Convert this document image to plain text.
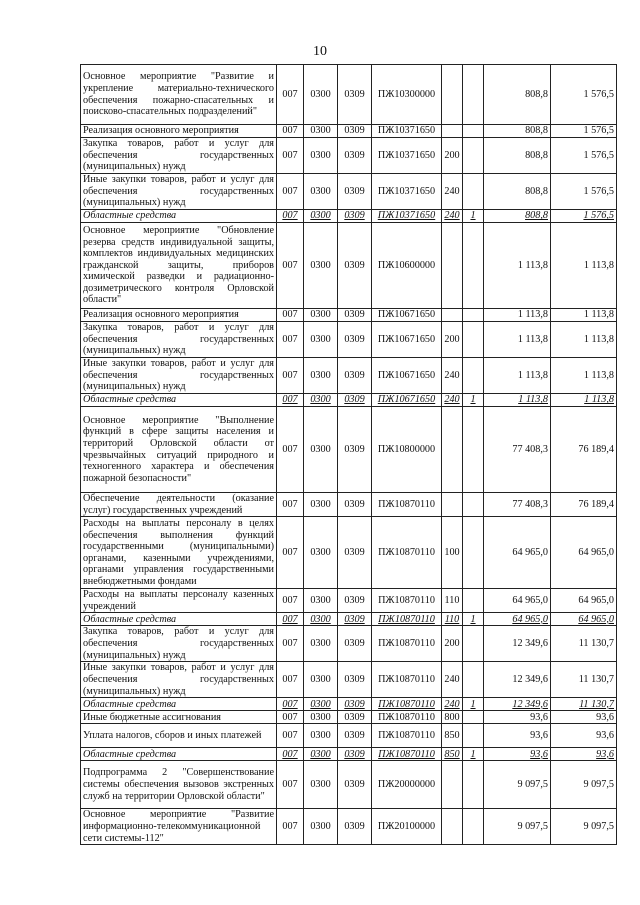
10
Основное мероприятие "Развитие и укрепление материально-технического обеспечения пожарно-спасательных и поисково-спасательных подразделений"	007	0300	0309	ПЖ10300000			808,8	1 576,5
Реализация основного мероприятия	007	0300	0309	ПЖ10371650			808,8	1 576,5
Закупка товаров, работ и услуг для обеспечения государственных (муниципальных) нужд	007	0300	0309	ПЖ10371650	200		808,8	1 576,5
Иные закупки товаров, работ и услуг для обеспечения государственных (муниципальных) нужд	007	0300	0309	ПЖ10371650	240		808,8	1 576,5
Областные средства	007	0300	0309	ПЖ10371650	240	1	808,8	1 576,5
Основное мероприятие "Обновление резерва средств индивидуальной защиты, комплектов индивидуальных медицинских гражданской защиты, приборов химической разведки и радиационно-дозиметрического контроля Орловской области"	007	0300	0309	ПЖ10600000			1 113,8	1 113,8
Реализация основного мероприятия	007	0300	0309	ПЖ10671650			1 113,8	1 113,8
Закупка товаров, работ и услуг для обеспечения государственных (муниципальных) нужд	007	0300	0309	ПЖ10671650	200		1 113,8	1 113,8
Иные закупки товаров, работ и услуг для обеспечения государственных (муниципальных) нужд	007	0300	0309	ПЖ10671650	240		1 113,8	1 113,8
Областные средства	007	0300	0309	ПЖ10671650	240	1	1 113,8	1 113,8
Основное мероприятие "Выполнение функций в сфере защиты населения и территорий Орловской области от чрезвычайных ситуаций природного и техногенного характера и обеспечения пожарной безопасности"	007	0300	0309	ПЖ10800000			77 408,3	76 189,4
Обеспечение деятельности (оказание услуг) государственных учреждений	007	0300	0309	ПЖ10870110			77 408,3	76 189,4
Расходы на выплаты персоналу в целях обеспечения выполнения функций государственными (муниципальными) органами, казенными учреждениями, органами управления государственными внебюджетными фондами	007	0300	0309	ПЖ10870110	100		64 965,0	64 965,0
Расходы на выплаты персоналу казенных учреждений	007	0300	0309	ПЖ10870110	110		64 965,0	64 965,0
Областные средства	007	0300	0309	ПЖ10870110	110	1	64 965,0	64 965,0
Закупка товаров, работ и услуг для обеспечения государственных (муниципальных) нужд	007	0300	0309	ПЖ10870110	200		12 349,6	11 130,7
Иные закупки товаров, работ и услуг для обеспечения государственных (муниципальных) нужд	007	0300	0309	ПЖ10870110	240		12 349,6	11 130,7
Областные средства	007	0300	0309	ПЖ10870110	240	1	12 349,6	11 130,7
Иные бюджетные ассигнования	007	0300	0309	ПЖ10870110	800		93,6	93,6
Уплата налогов, сборов и иных платежей	007	0300	0309	ПЖ10870110	850		93,6	93,6
Областные средства	007	0300	0309	ПЖ10870110	850	1	93,6	93,6
Подпрограмма 2 "Совершенствование системы обеспечения вызовов экстренных служб на территории Орловской области"	007	0300	0309	ПЖ20000000			9 097,5	9 097,5
Основное мероприятие "Развитие информационно-телекоммуникационной сети системы-112"	007	0300	0309	ПЖ20100000			9 097,5	9 097,5
